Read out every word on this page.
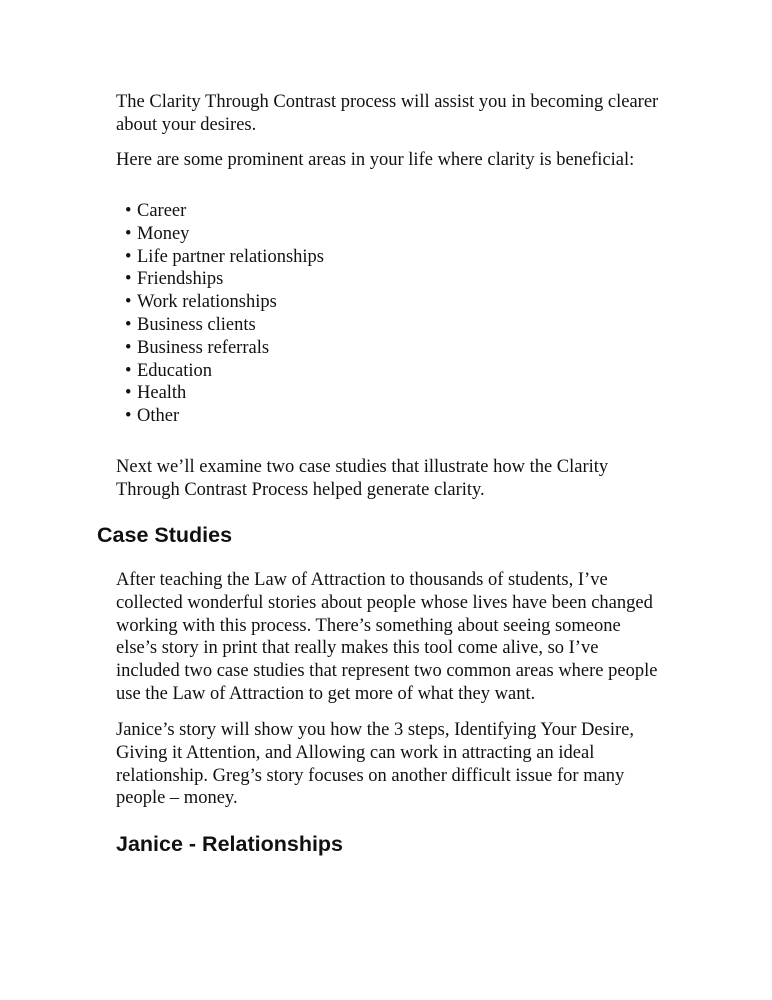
The Clarity Through Contrast process will assist you in becoming clearer about your desires.

Here are some prominent areas in your life where clarity is beneficial:

• Career
• Money
• Life partner relationships
• Friendships
• Work relationships
• Business clients
• Business referrals
• Education
• Health
• Other

Next we’ll examine two case studies that illustrate how the Clarity Through Contrast Process helped generate clarity.

Case Studies

After teaching the Law of Attraction to thousands of students, I’ve collected wonderful stories about people whose lives have been changed working with this process. There’s something about seeing someone else’s story in print that really makes this tool come alive, so I’ve included two case studies that represent two common areas where people use the Law of Attraction to get more of what they want.

Janice’s story will show you how the 3 steps, Identifying Your Desire, Giving it Attention, and Allowing can work in attracting an ideal relationship. Greg’s story focuses on another difficult issue for many people – money.

Janice - Relationships
